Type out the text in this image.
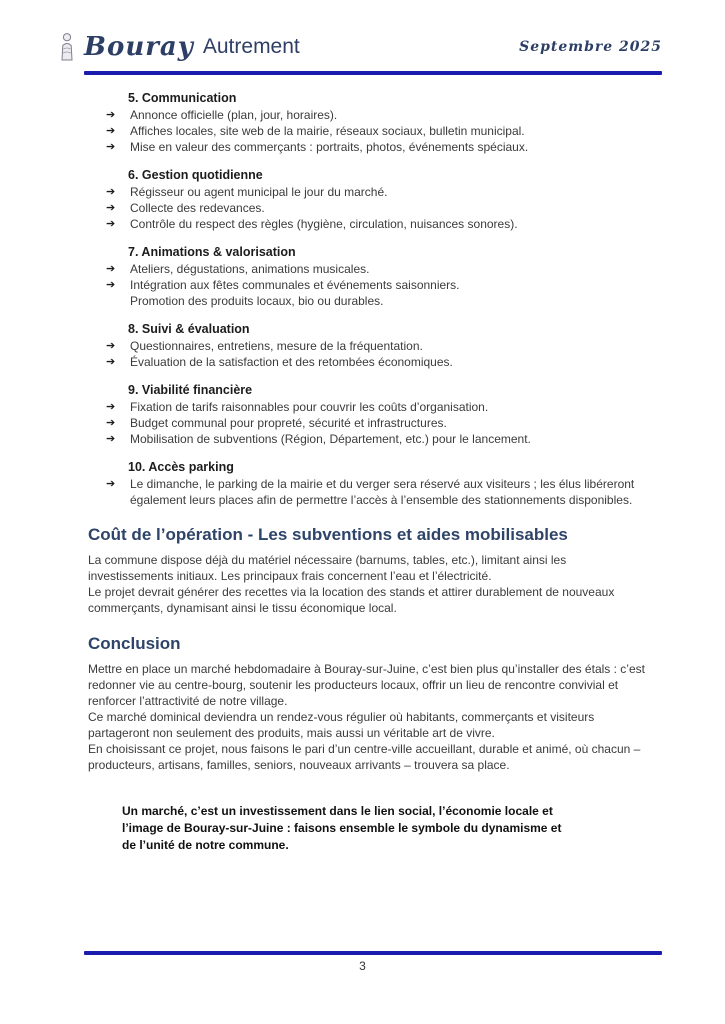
Bouray Autrement	Septembre 2025
5. Communication
➔	Annonce officielle (plan, jour, horaires).
➔	Affiches locales, site web de la mairie, réseaux sociaux, bulletin municipal.
➔	Mise en valeur des commerçants : portraits, photos, événements spéciaux.
6. Gestion quotidienne
➔	Régisseur ou agent municipal le jour du marché.
➔	Collecte des redevances.
➔	Contrôle du respect des règles (hygiène, circulation, nuisances sonores).
7. Animations & valorisation
➔	Ateliers, dégustations, animations musicales.
➔	Intégration aux fêtes communales et événements saisonniers.
Promotion des produits locaux, bio ou durables.
8. Suivi & évaluation
➔	Questionnaires, entretiens, mesure de la fréquentation.
➔	Évaluation de la satisfaction et des retombées économiques.
9. Viabilité financière
➔	Fixation de tarifs raisonnables pour couvrir les coûts d’organisation.
➔	Budget communal pour propreté, sécurité et infrastructures.
➔	Mobilisation de subventions (Région, Département, etc.) pour le lancement.
10. Accès parking
➔	Le dimanche, le parking de la mairie et du verger sera réservé aux visiteurs ; les élus libéreront également leurs places afin de permettre l’accès à l’ensemble des stationnements disponibles.
Coût de l’opération - Les subventions et aides mobilisables

La commune dispose déjà du matériel nécessaire (barnums, tables, etc.), limitant ainsi les investissements initiaux. Les principaux frais concernent l’eau et l’électricité.

Le projet devrait générer des recettes via la location des stands et attirer durablement de nouveaux commerçants, dynamisant ainsi le tissu économique local.

Conclusion

Mettre en place un marché hebdomadaire à Bouray-sur-Juine, c’est bien plus qu’installer des étals : c’est redonner vie au centre-bourg, soutenir les producteurs locaux, offrir un lieu de rencontre convivial et renforcer l’attractivité de notre village.

Ce marché dominical deviendra un rendez-vous régulier où habitants, commerçants et visiteurs partageront non seulement des produits, mais aussi un véritable art de vivre.

En choisissant ce projet, nous faisons le pari d’un centre-ville accueillant, durable et animé, où chacun – producteurs, artisans, familles, seniors, nouveaux arrivants – trouvera sa place.

Un marché, c’est un investissement dans le lien social, l’économie locale et l’image de Bouray-sur-Juine : faisons ensemble le symbole du dynamisme et de l’unité de notre commune.

3
